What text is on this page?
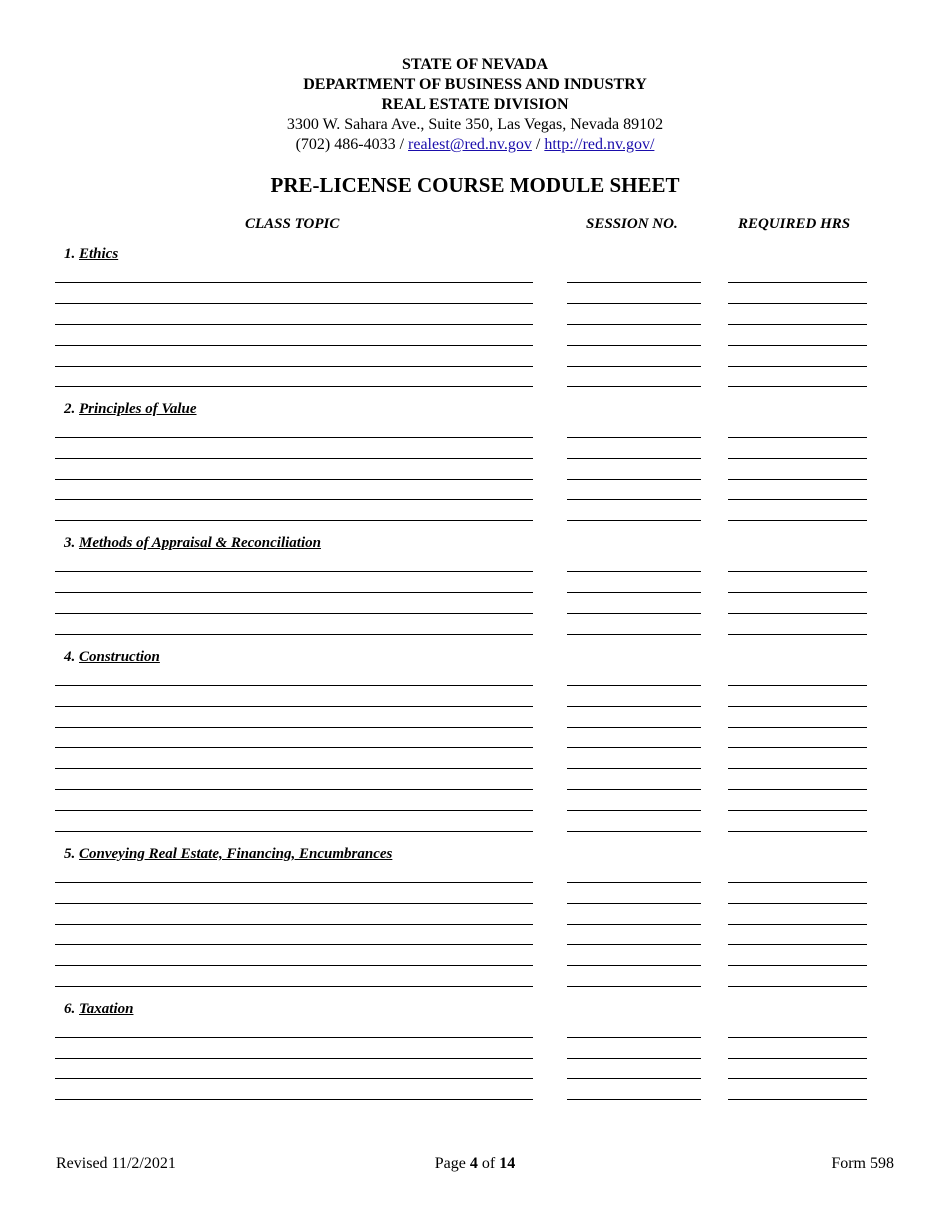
STATE OF NEVADA
DEPARTMENT OF BUSINESS AND INDUSTRY
REAL ESTATE DIVISION
3300 W. Sahara Ave., Suite 350, Las Vegas, Nevada 89102
(702) 486-4033 / realest@red.nv.gov / http://red.nv.gov/
PRE-LICENSE COURSE MODULE SHEET
CLASS TOPIC	SESSION NO.	REQUIRED HRS
1. Ethics
2. Principles of Value
3. Methods of Appraisal & Reconciliation
4. Construction
5. Conveying Real Estate, Financing, Encumbrances
6. Taxation
Revised 11/2/2021	Page 4 of 14	Form 598
